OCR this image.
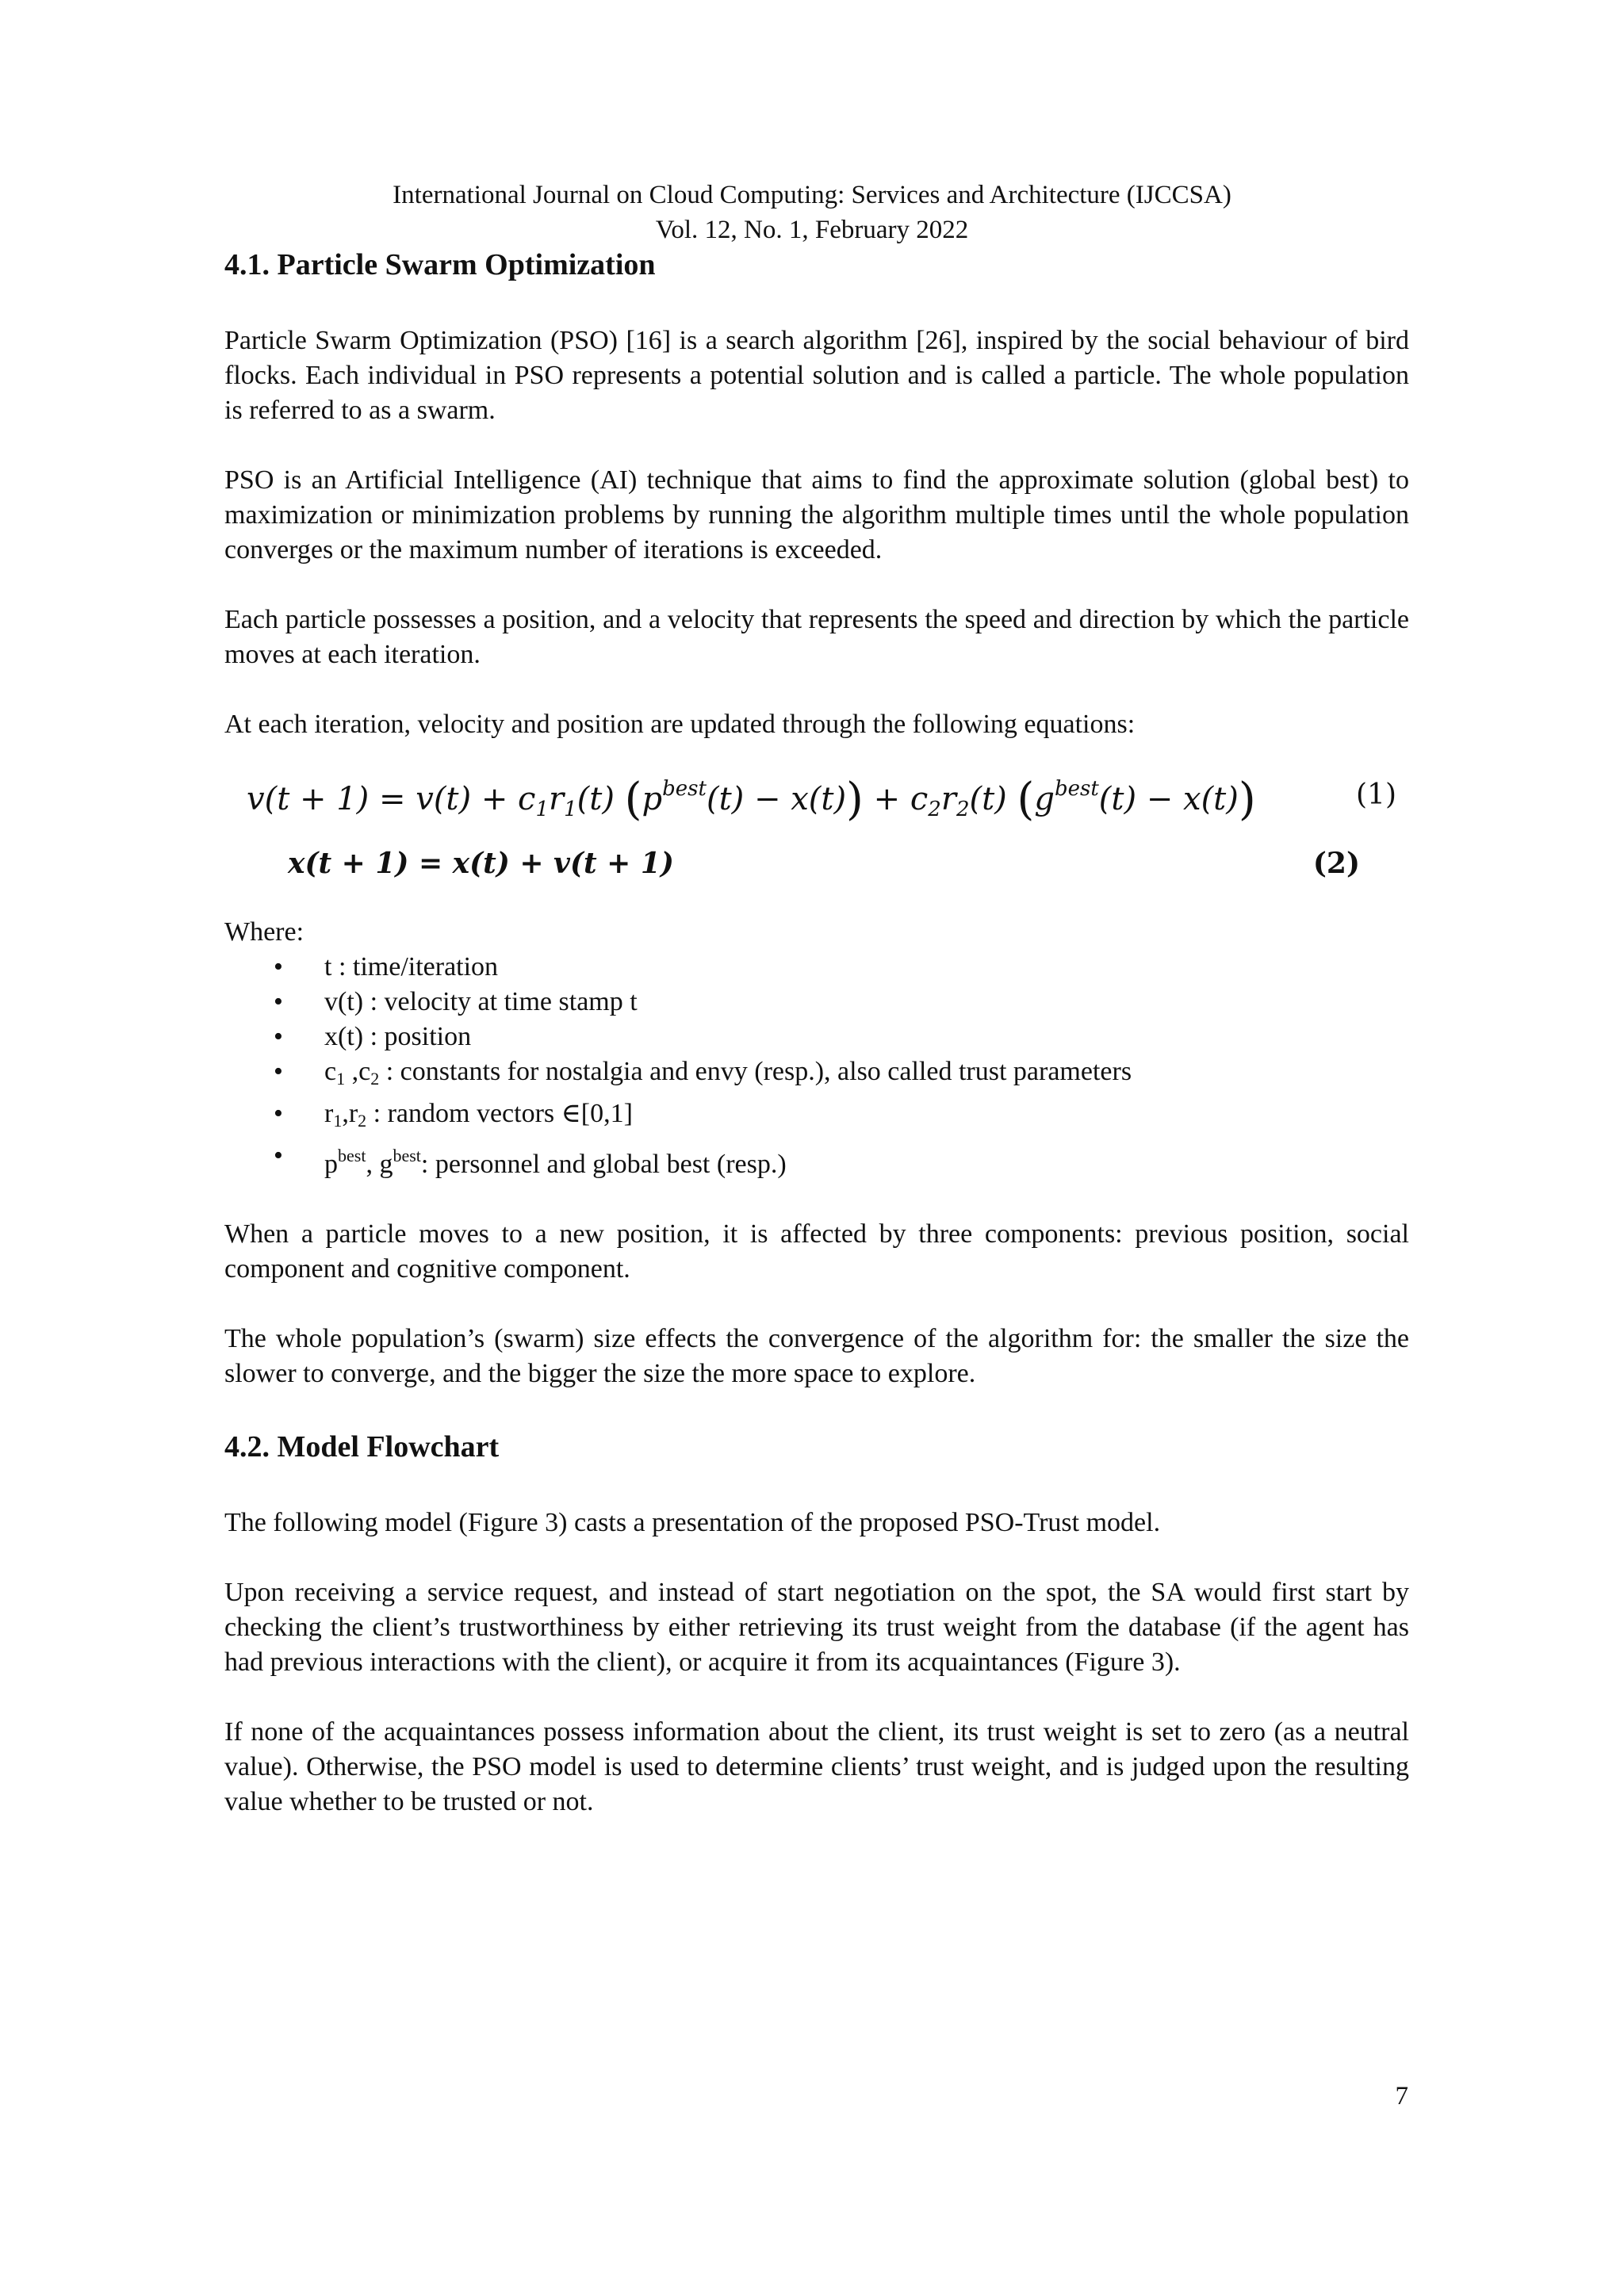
International Journal on Cloud Computing: Services and Architecture (IJCCSA)
Vol. 12, No. 1, February 2022
4.1. Particle Swarm Optimization

Particle Swarm Optimization (PSO) [16] is a search algorithm [26], inspired by the social behaviour of bird flocks. Each individual in PSO represents a potential solution and is called a particle. The whole population is referred to as a swarm.

PSO is an Artificial Intelligence (AI) technique that aims to find the approximate solution (global best) to maximization or minimization problems by running the algorithm multiple times until the whole population converges or the maximum number of iterations is exceeded.

Each particle possesses a position, and a velocity that represents the speed and direction by which the particle moves at each iteration.

At each iteration, velocity and position are updated through the following equations:

$v(t + 1) = v(t) + c_1r_1(t) (p^{best}(t) - x(t)) + c_2r_2(t) (g^{best}(t) - x(t))$	(1)
x(t + 1) = x(t) + v(t + 1)	(2)
Where:
• t : time/iteration
• v(t) : velocity at time stamp t
• x(t) : position
• c1 ,c2 : constants for nostalgia and envy (resp.), also called trust parameters
• r1,r2 : random vectors ∈[0,1]
• $p^{best}$, $g^{best}$: personnel and global best (resp.)

When a particle moves to a new position, it is affected by three components: previous position, social component and cognitive component.

The whole population’s (swarm) size effects the convergence of the algorithm for: the smaller the size the slower to converge, and the bigger the size the more space to explore.

4.2. Model Flowchart

The following model (Figure 3) casts a presentation of the proposed PSO-Trust model.

Upon receiving a service request, and instead of start negotiation on the spot, the SA would first start by checking the client’s trustworthiness by either retrieving its trust weight from the database (if the agent has had previous interactions with the client), or acquire it from its acquaintances (Figure 3).

If none of the acquaintances possess information about the client, its trust weight is set to zero (as a neutral value). Otherwise, the PSO model is used to determine clients’ trust weight, and is judged upon the resulting value whether to be trusted or not.

7
